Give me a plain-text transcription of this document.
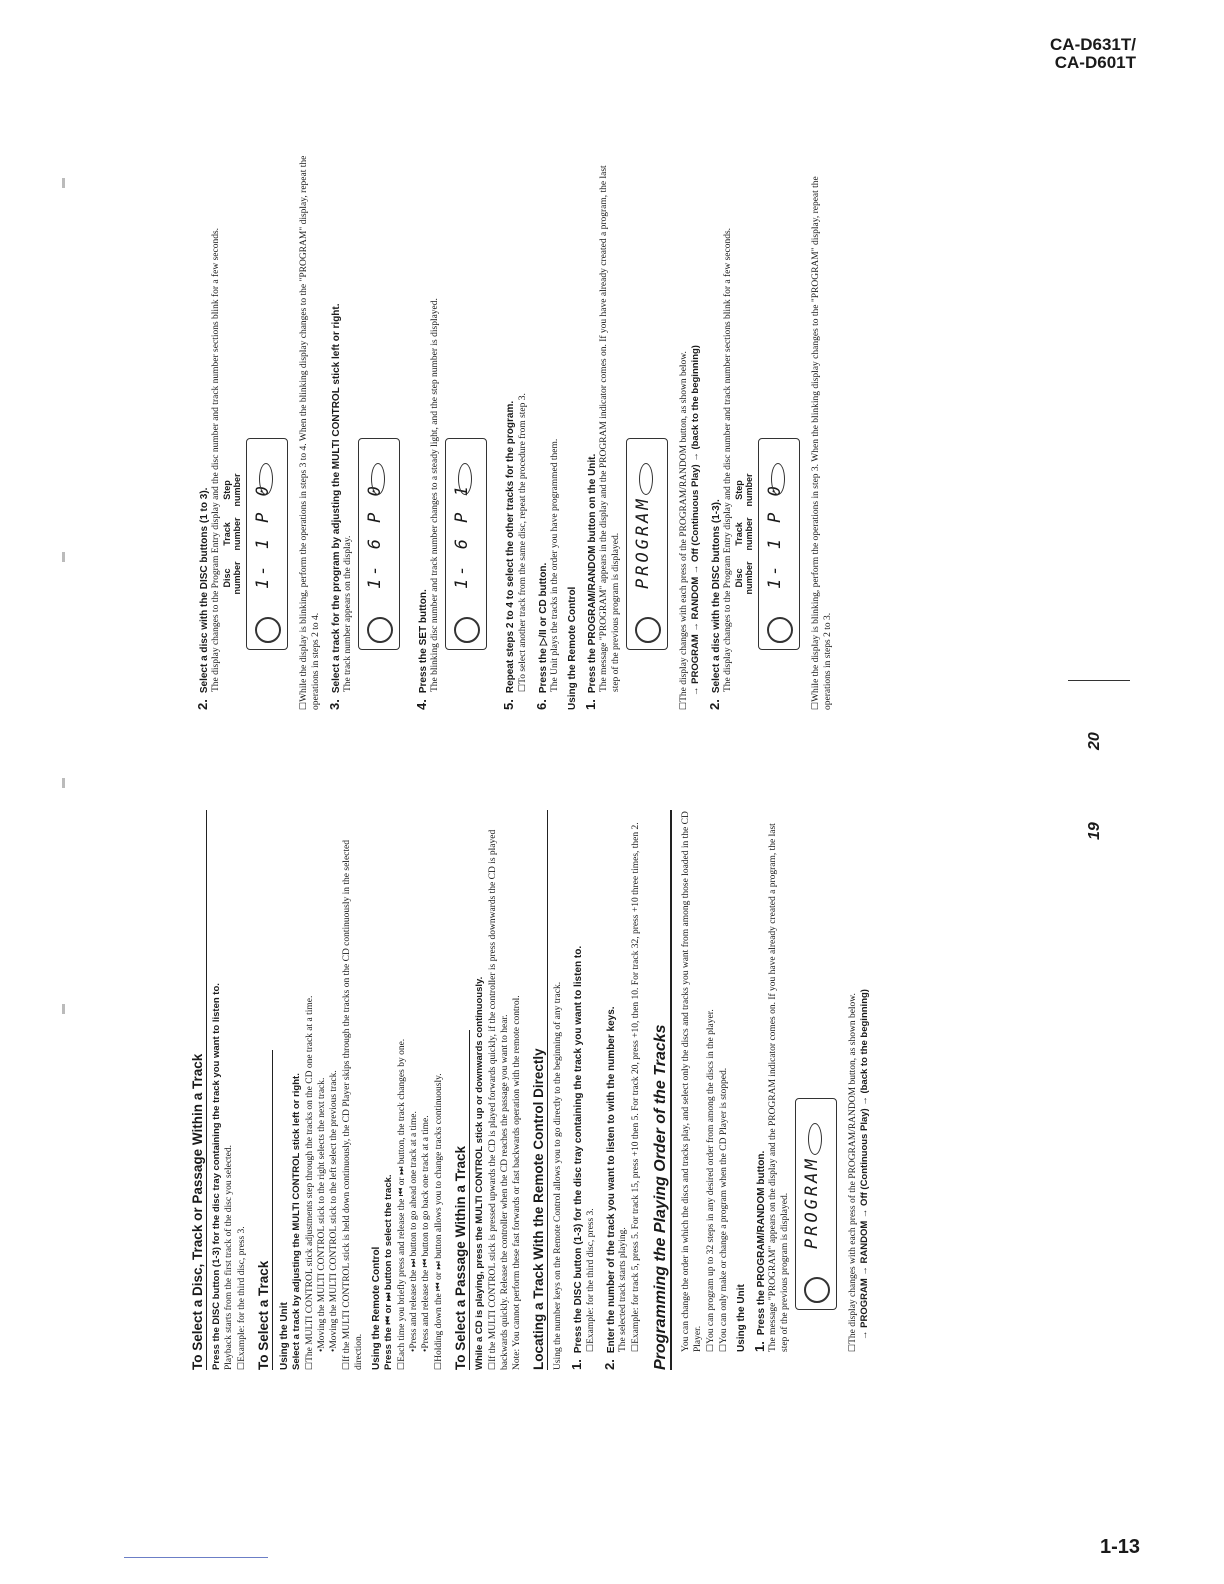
CA-D631T/
CA-D601T
To Select a Disc, Track or Passage Within a Track Press the DISC button (1-3) for the disc tray containing the track you want to listen to. Playback starts from the first track of the disc you selected. ☐ Example: for the third disc, press 3. To Select a Track Using the Unit Select a track by adjusting the MULTI CONTROL stick left or right. ☐ The MULTI CONTROL stick adjustments step through the tracks on the CD one track at a time. • Moving the MULTI CONTROL stick to the right selects the next track. • Moving the MULTI CONTROL stick to the left select the previous track. ☐ If the MULTI CONTROL stick is held down continuously, the CD Player skips through the tracks on the CD continuously in the selected direction. Using the Remote Control Press the ⏮ or ⏭ button to select the track. ☐ Each time you briefly press and release the ⏮ or ⏭ button, the track changes by one. • Press and release the ⏭ button to go ahead one track at a time. • Press and release the ⏮ button to go back one track at a time. ☐ Holding down the ⏮ or ⏭ button allows you to change tracks continuously. To Select a Passage Within a Track While a CD is playing, press the MULTI CONTROL stick up or downwards continuously. ☐ If the MULTI CONTROL stick is pressed upwards the CD is played forwards quickly, if the controller is press downwards the CD is played backwards quickly. Release the controller when the CD reaches the passage you want to hear. Note: You cannot perform these fast forwards or fast backwards operation with the remote control. Locating a Track With the Remote Control Directly Using the number keys on the Remote Control allows you to go directly to the beginning of any track. 1.Press the DISC button (1-3) for the disc tray containing the track you want to listen to. ☐ Example: for the third disc, press 3.

2.Enter the number of the track you want to listen to with the number keys. The selected track starts playing. ☐ Example: for track 5, press 5. For track 15, press +10 then 5. For track 20, press +10, then 10. For track 32, press +10 three times, then 2. Programming the Playing Order of the Tracks	You can change the order in which the discs and tracks play, and select only the discs and tracks you want from among those loaded in the CD Player. ☐ You can program up to 32 steps in any desired order from among the discs in the player. ☐ You can only make or change a program when the CD Player is stopped. Using the Unit 1.Press the PROGRAM/RANDOM button. The message "PROGRAM" appears on the display and the PROGRAM indicator comes on. If you have already created a program, the last step of the previous program is displayed. PROGRAM	☐ The display changes with each press of the PROGRAM/RANDOM button, as shown below. → PROGRAM → RANDOM → Off (Continuous Play) → (back to the beginning)

19
2.Select a disc with the DISC buttons (1 to 3). The display changes to the Program Entry display and the disc number and track number sections blink for a few seconds. Disc numberTrack numberStep number 1- 1 P 0	☐ While the display is blinking, perform the operations in steps 3 to 4. When the blinking display changes to the "PROGRAM" display, repeat the operations in steps 2 to 4. 3.Select a track for the program by adjusting the MULTI CONTROL stick left or right. The track number appears on the display. 1- 6 P 0
4.Press the SET button. The blinking disc number and track number changes to a steady light, and the step number is displayed. 1- 6 P 1
5.Repeat steps 2 to 4 to select the other tracks for the program. ☐ To select another track from the same disc, repeat the procedure from step 3.

6.Press the ▷/II or CD button. The Unit plays the tracks in the order you have programmed them. Using the Remote Control 1.Press the PROGRAM/RANDOM button on the Unit. The message "PROGRAM" appears in the display and the PROGRAM indicator comes on. If you have already created a program, the last step of the previous program is displayed. PROGRAM	☐ The display changes with each press of the PROGRAM/RANDOM button, as shown below. → PROGRAM → RANDOM → Off (Continuous Play) → (back to the beginning)

2.Select a disc with the DISC buttons (1-3). The display changes to the Program Entry display and the disc number and track number sections blink for a few seconds. Disc numberTrack numberStep number 1- 1 P 0	☐ While the display is blinking, perform the operations in step 3. When the blinking display changes to the "PROGRAM" display, repeat the operations in steps 2 to 3.

20
1-13
